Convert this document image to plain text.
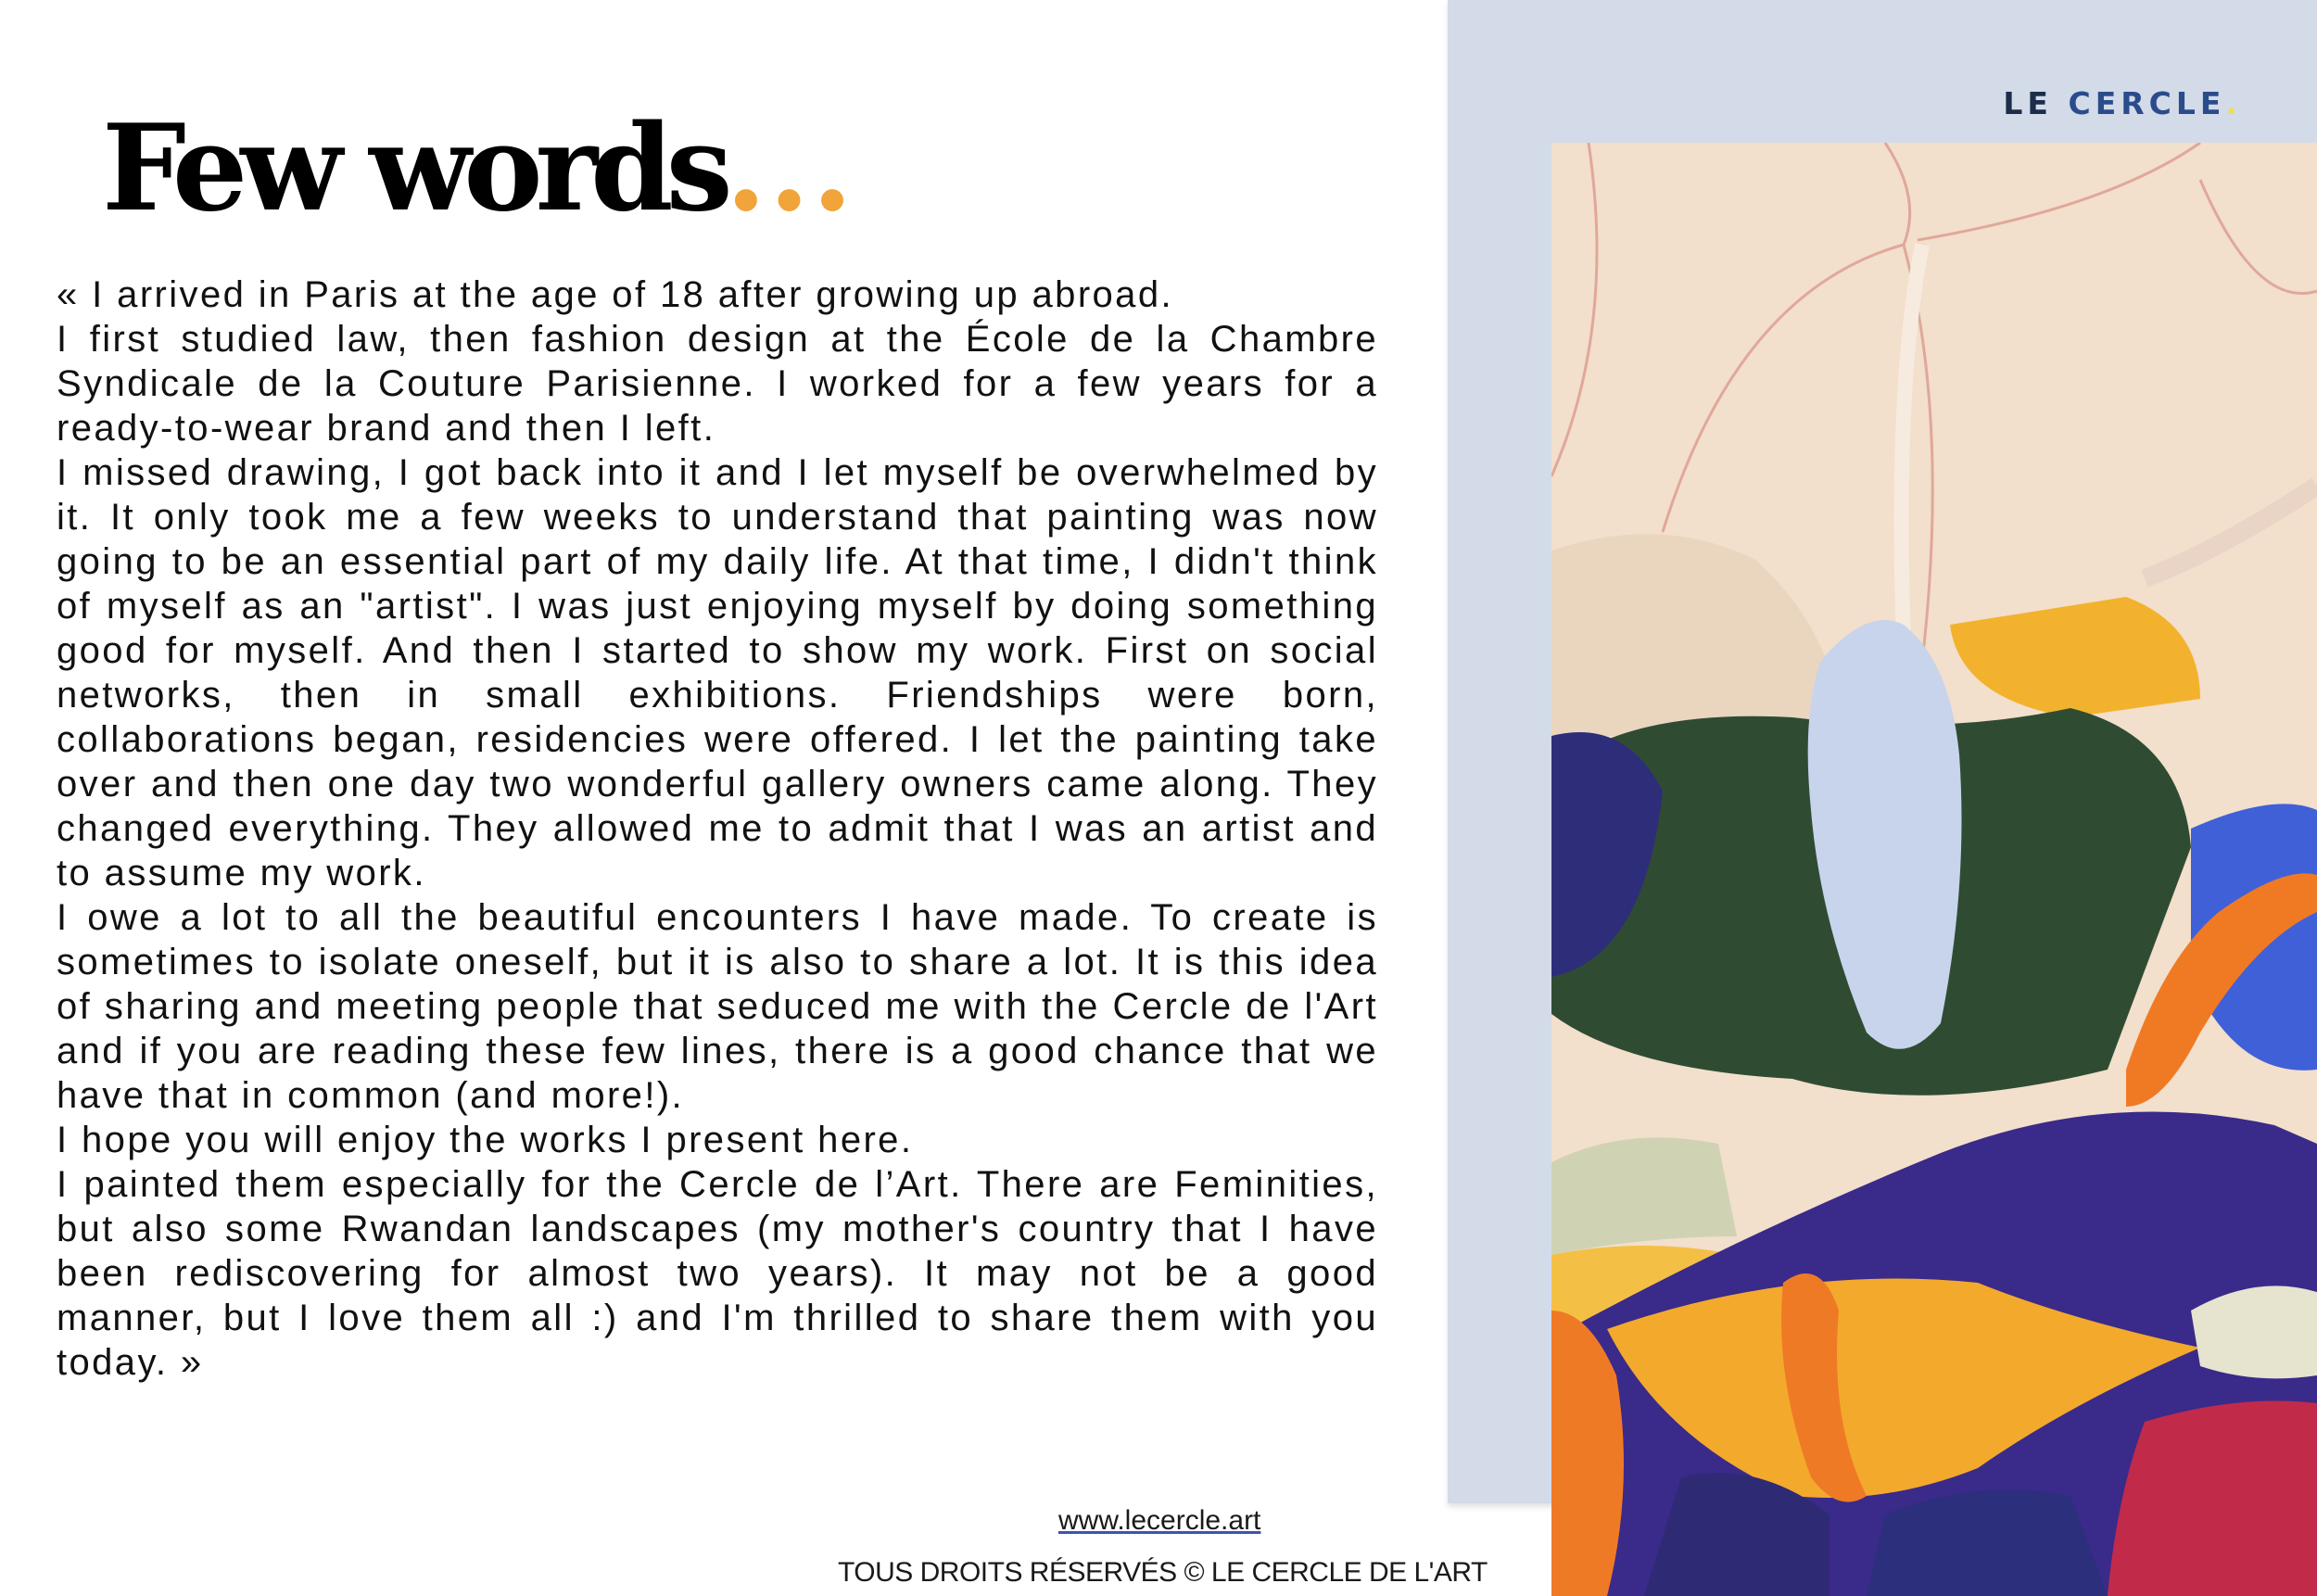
LE CERCLE.
Few words...

« I arrived in Paris at the age of 18 after growing up abroad.

I first studied law, then fashion design at the École de la Chambre Syndicale de la Couture Parisienne. I worked for a few years for a ready-to-wear brand and then I left.

I missed drawing, I got back into it and I let myself be overwhelmed by it. It only took me a few weeks to understand that painting was now going to be an essential part of my daily life. At that time, I didn't think of myself as an "artist". I was just enjoying myself by doing something good for myself. And then I started to show my work. First on social networks, then in small exhibitions. Friendships were born, collaborations began, residencies were offered. I let the painting take over and then one day two wonderful gallery owners came along. They changed everything. They allowed me to admit that I was an artist and to assume my work.

I owe a lot to all the beautiful encounters I have made. To create is sometimes to isolate oneself, but it is also to share a lot. It is this idea of sharing and meeting people that seduced me with the Cercle de l'Art and if you are reading these few lines, there is a good chance that we have that in common (and more!).

I hope you will enjoy the works I present here.

I painted them especially for the Cercle de l’Art. There are Feminities, but also some Rwandan landscapes (my mother's country that I have been rediscovering for almost two years). It may not be a good manner, but I love them all :) and I'm thrilled to share them with you today. »

www.lecercle.art
TOUS DROITS RÉSERVÉS © LE CERCLE DE L'ART
